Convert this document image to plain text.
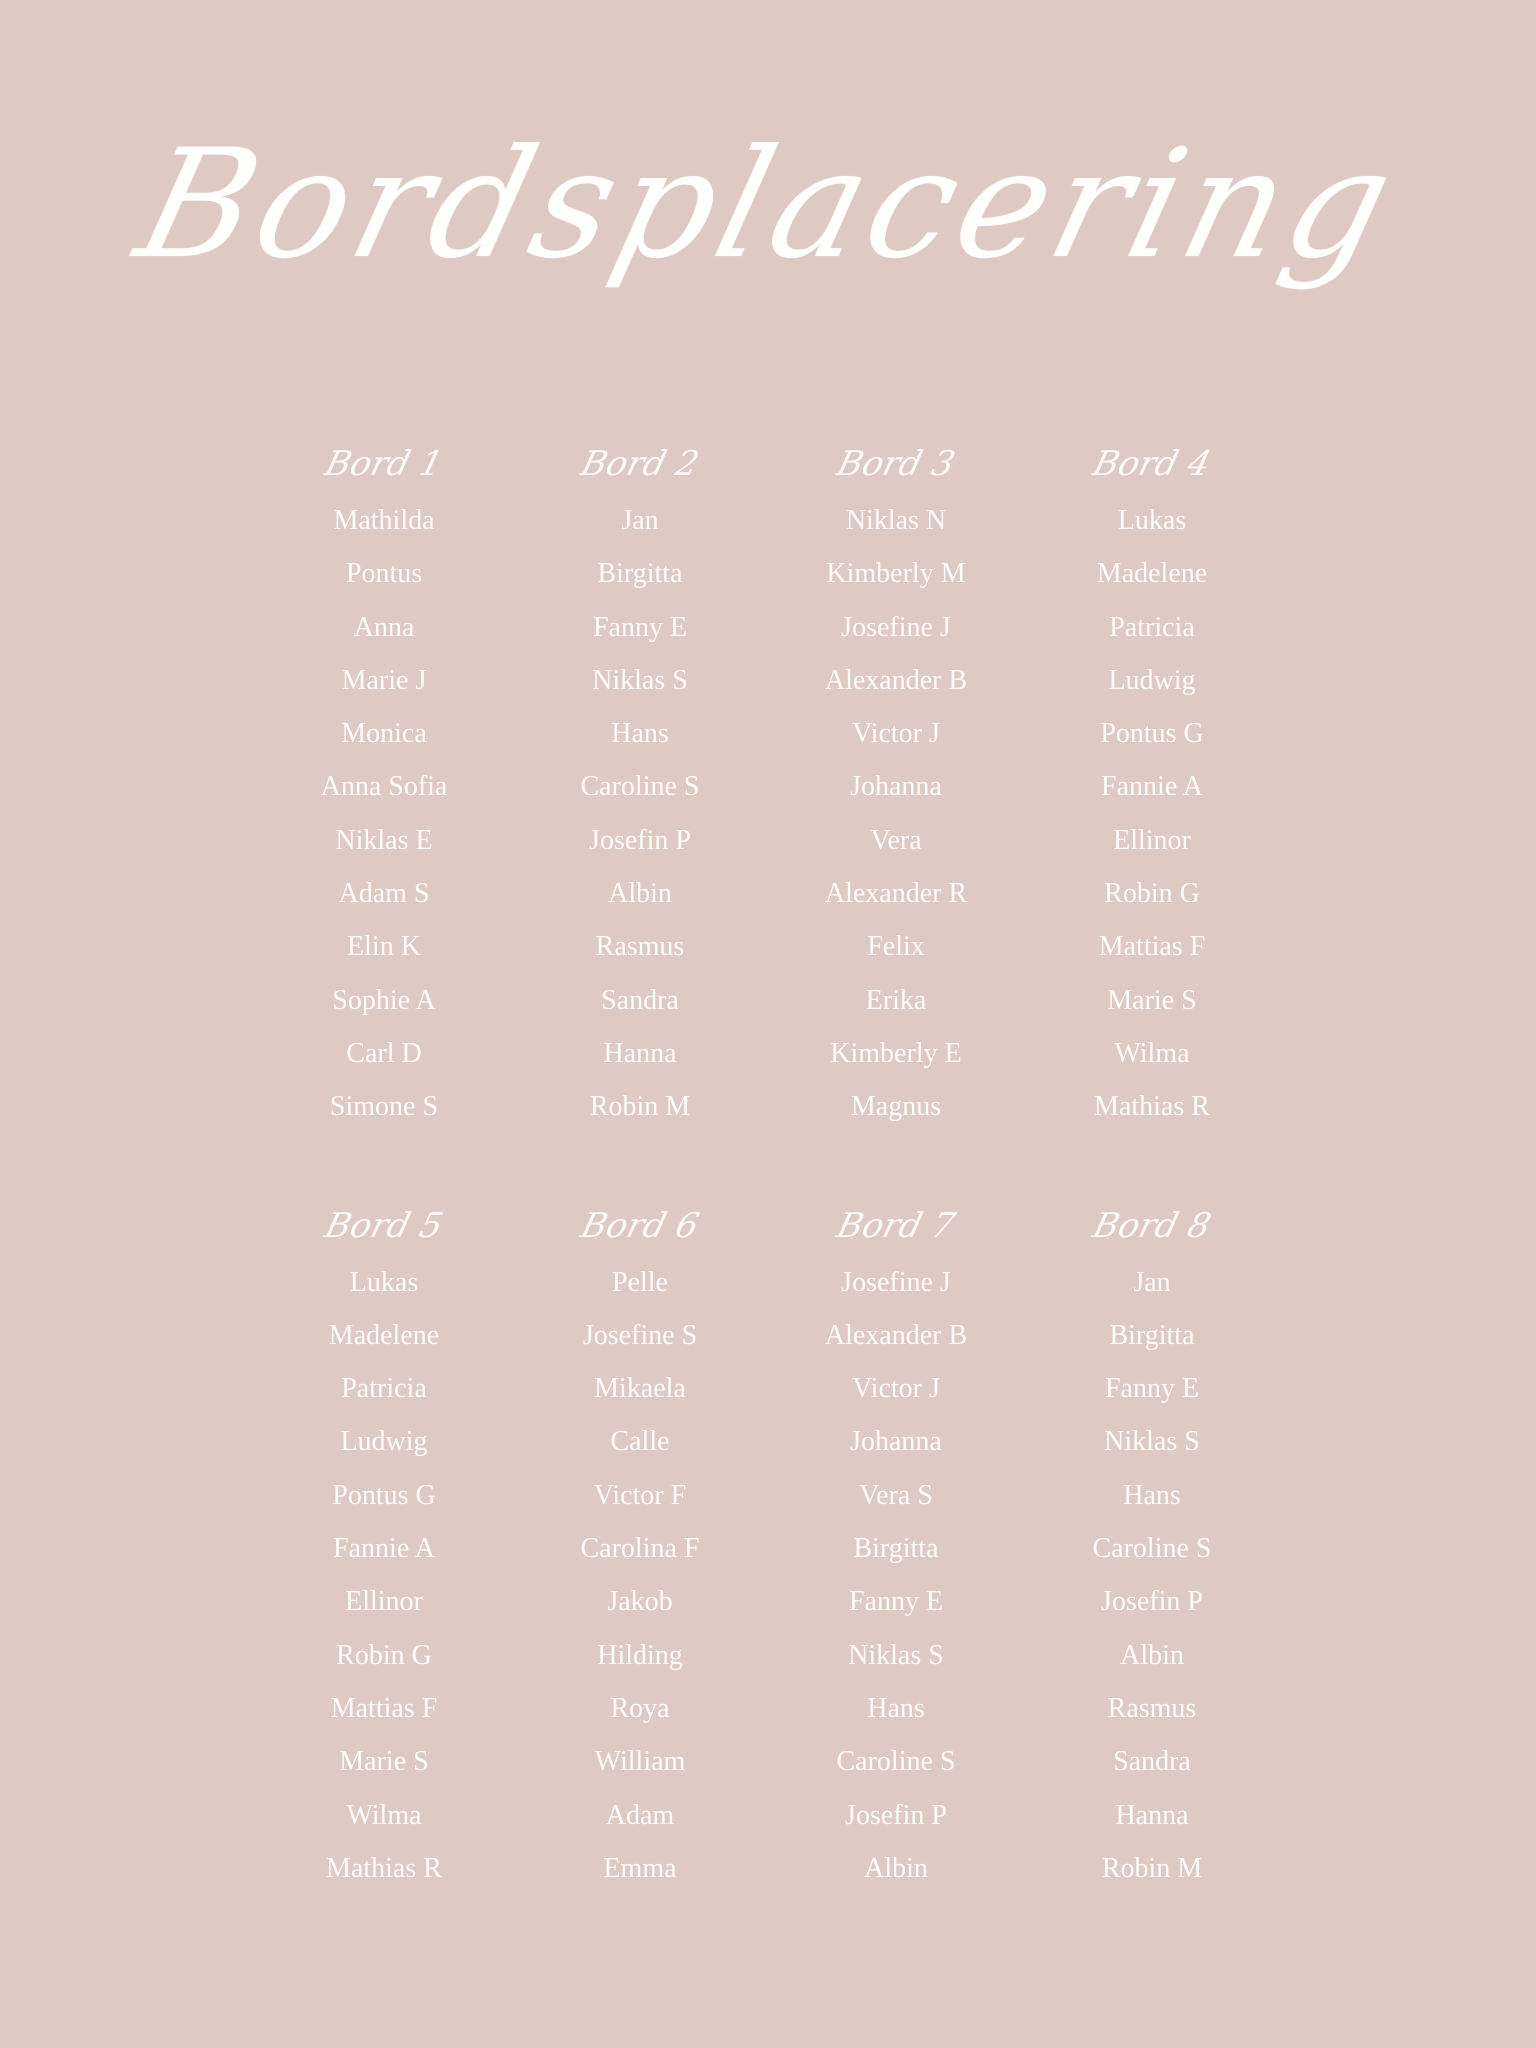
Bordsplacering
Bord 1
Mathilda
Pontus
Anna
Marie J
Monica
Anna Sofia
Niklas E
Adam S
Elin K
Sophie A
Carl D
Simone S
Bord 2
Jan
Birgitta
Fanny E
Niklas S
Hans
Caroline S
Josefin P
Albin
Rasmus
Sandra
Hanna
Robin M
Bord 3
Niklas N
Kimberly M
Josefine J
Alexander B
Victor J
Johanna
Vera
Alexander R
Felix
Erika
Kimberly E
Magnus
Bord 4
Lukas
Madelene
Patricia
Ludwig
Pontus G
Fannie A
Ellinor
Robin G
Mattias F
Marie S
Wilma
Mathias R
Bord 5
Lukas
Madelene
Patricia
Ludwig
Pontus G
Fannie A
Ellinor
Robin G
Mattias F
Marie S
Wilma
Mathias R
Bord 6
Pelle
Josefine S
Mikaela
Calle
Victor F
Carolina F
Jakob
Hilding
Roya
William
Adam
Emma
Bord 7
Josefine J
Alexander B
Victor J
Johanna
Vera S
Birgitta
Fanny E
Niklas S
Hans
Caroline S
Josefin P
Albin
Bord 8
Jan
Birgitta
Fanny E
Niklas S
Hans
Caroline S
Josefin P
Albin
Rasmus
Sandra
Hanna
Robin M
